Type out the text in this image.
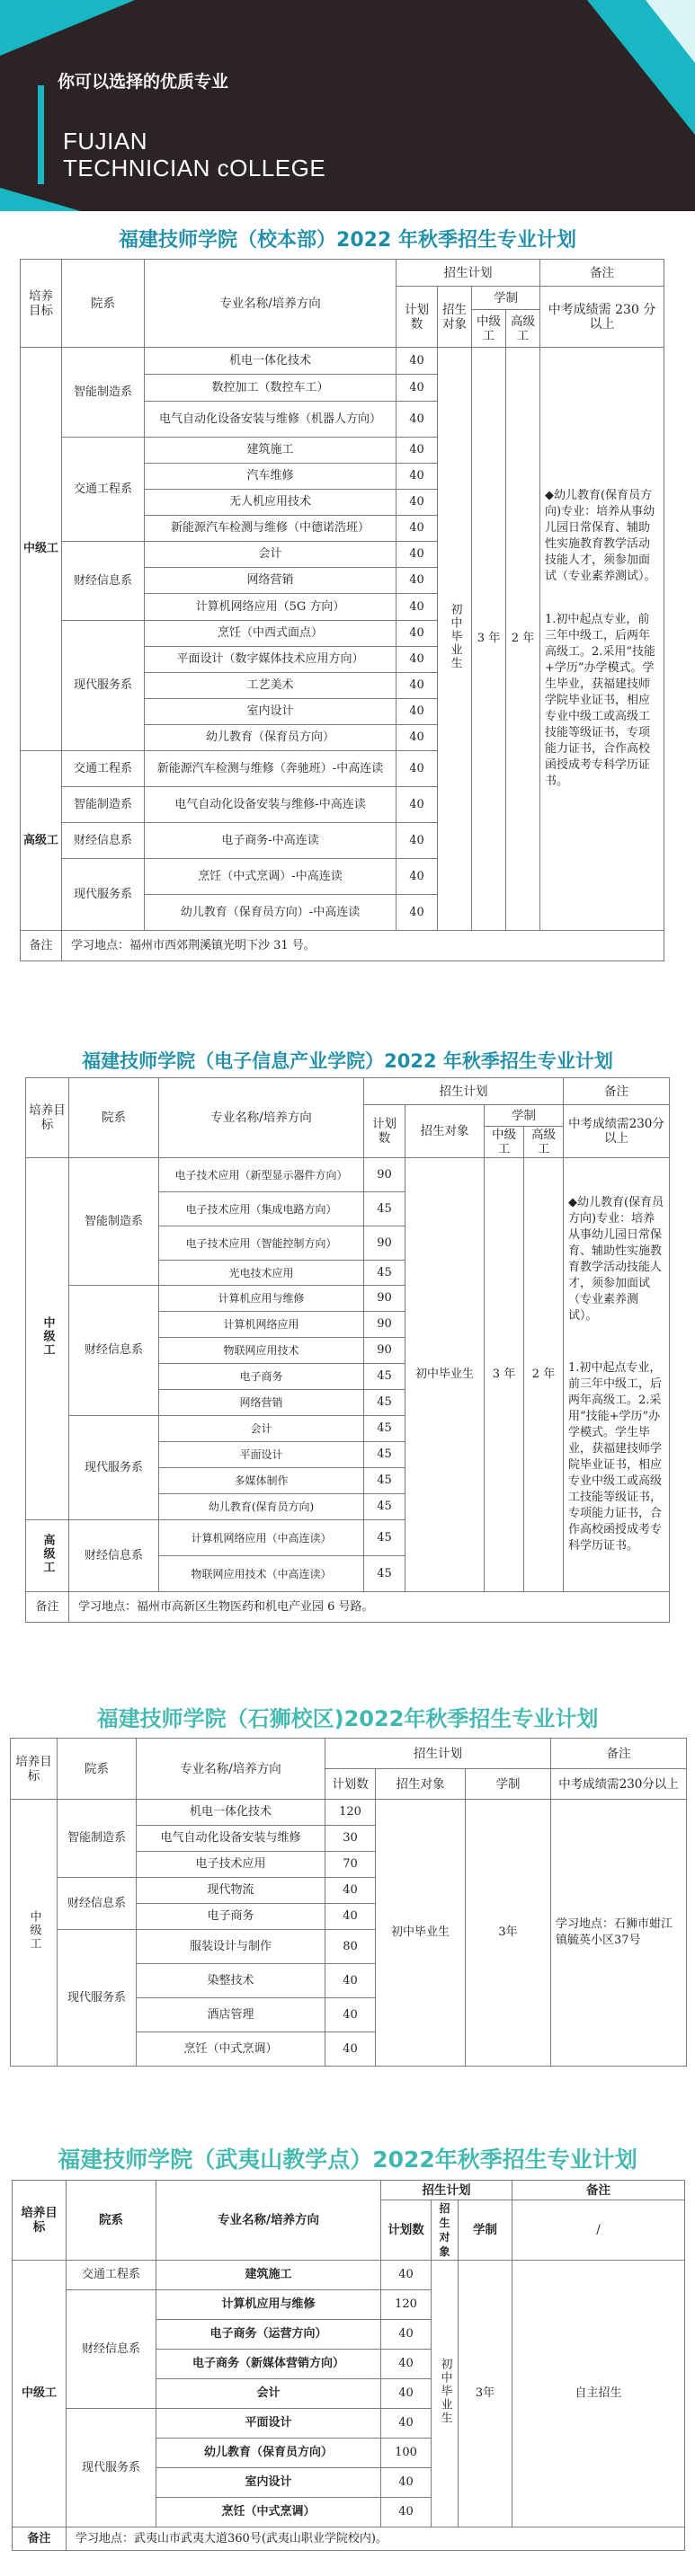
你可以选择的优质专业
FUJIAN
TECHNICIAN cOLLEGE
福建技师学院（校本部）2022 年秋季招生专业计划
培养目标	院系	专业名称/培养方向	招生计划				备注
			计划数	招生对象	学制		中考成绩需 230 分以上
					中级工	高级工	
中级工	智能制造系	机电一体化技术	40	初中毕业生	3 年	2 年	◆幼儿教育(保育员方向)专业：培养从事幼儿园日常保育、辅助性实施教育教学活动技能人才，须参加面试（专业素养测试）。
1.初中起点专业，前三年中级工，后两年高级工。2.采用“技能+学历”办学模式。学生毕业，获福建技师学院毕业证书，相应专业中级工或高级工技能等级证书，专项能力证书，合作高校函授成考专科学历证书。

		数控加工（数控车工）	40				
		电气自动化设备安装与维修（机器人方向）	40				
	交通工程系	建筑施工	40				
		汽车维修	40				
		无人机应用技术	40				
		新能源汽车检测与维修（中德诺浩班）	40				
	财经信息系	会计	40				
		网络营销	40				
		计算机网络应用（5G 方向）	40				
	现代服务系	烹饪（中西式面点）	40				
		平面设计（数字媒体技术应用方向）	40				
		工艺美术	40				
		室内设计	40				
		幼儿教育（保育员方向）	40				
高级工	交通工程系	新能源汽车检测与维修（奔驰班）-中高连读	40				
	智能制造系	电气自动化设备安装与维修-中高连读	40				
	财经信息系	电子商务-中高连读	40				
	现代服务系	烹饪（中式烹调）-中高连读	40				
		幼儿教育（保育员方向）-中高连读	40				
备注	学习地点：福州市西郊荆溪镇光明下沙 31 号。						
福建技师学院（电子信息产业学院）2022 年秋季招生专业计划
培养目标	院系	专业名称/培养方向	招生计划				备注
			计划数	招生对象	学制		中考成绩需230分以上
					中级工	高级工	
中级工	智能制造系	电子技术应用（新型显示器件方向）	90	初中毕业生	3 年	2 年	◆幼儿教育(保育员方向)专业：培养从事幼儿园日常保育、辅助性实施教育教学活动技能人才，须参加面试（专业素养测试）。
1.初中起点专业，前三年中级工，后两年高级工。2.采用“技能+学历”办学模式。学生毕业，获福建技师学院毕业证书，相应专业中级工或高级工技能等级证书，专项能力证书，合作高校函授成考专科学历证书。

		电子技术应用（集成电路方向）	45				
		电子技术应用（智能控制方向）	90				
		光电技术应用	45				
	财经信息系	计算机应用与维修	90				
		计算机网络应用	90				
		物联网应用技术	90				
		电子商务	45				
		网络营销	45				
	现代服务系	会计	45				
		平面设计	45				
		多媒体制作	45				
		幼儿教育(保育员方向)	45				
高级工	财经信息系	计算机网络应用（中高连读）	45				
		物联网应用技术（中高连读）	45				
备注	学习地点：福州市高新区生物医药和机电产业园 6 号路。						
福建技师学院（石狮校区)2022年秋季招生专业计划
培养目标	院系	专业名称/培养方向	招生计划			备注
			计划数	招生对象	学制	中考成绩需230分以上
中级工	智能制造系	机电一体化技术	120	初中毕业生	3年	学习地点：石狮市蚶江镇毓英小区37号
		电气自动化设备安装与维修	30			
		电子技术应用	70			
	财经信息系	现代物流	40			
		电子商务	40			
	现代服务系	服装设计与制作	80			
		染整技术	40			
		酒店管理	40			
		烹饪（中式烹调）	40			
福建技师学院（武夷山教学点）2022年秋季招生专业计划
培养目标	院系	专业名称/培养方向	招生计划			备注
			计划数	招生对象	学制	/
中级工	交通工程系	建筑施工	40	初中毕业生	3年	自主招生
	财经信息系	计算机应用与维修	120			
		电子商务（运营方向）	40			
		电子商务（新媒体营销方向）	40			
		会计	40			
	现代服务系	平面设计	40			
		幼儿教育（保育员方向）	100			
		室内设计	40			
		烹饪（中式烹调）	40			
备注	学习地点：武夷山市武夷大道360号(武夷山职业学院校内)。					
